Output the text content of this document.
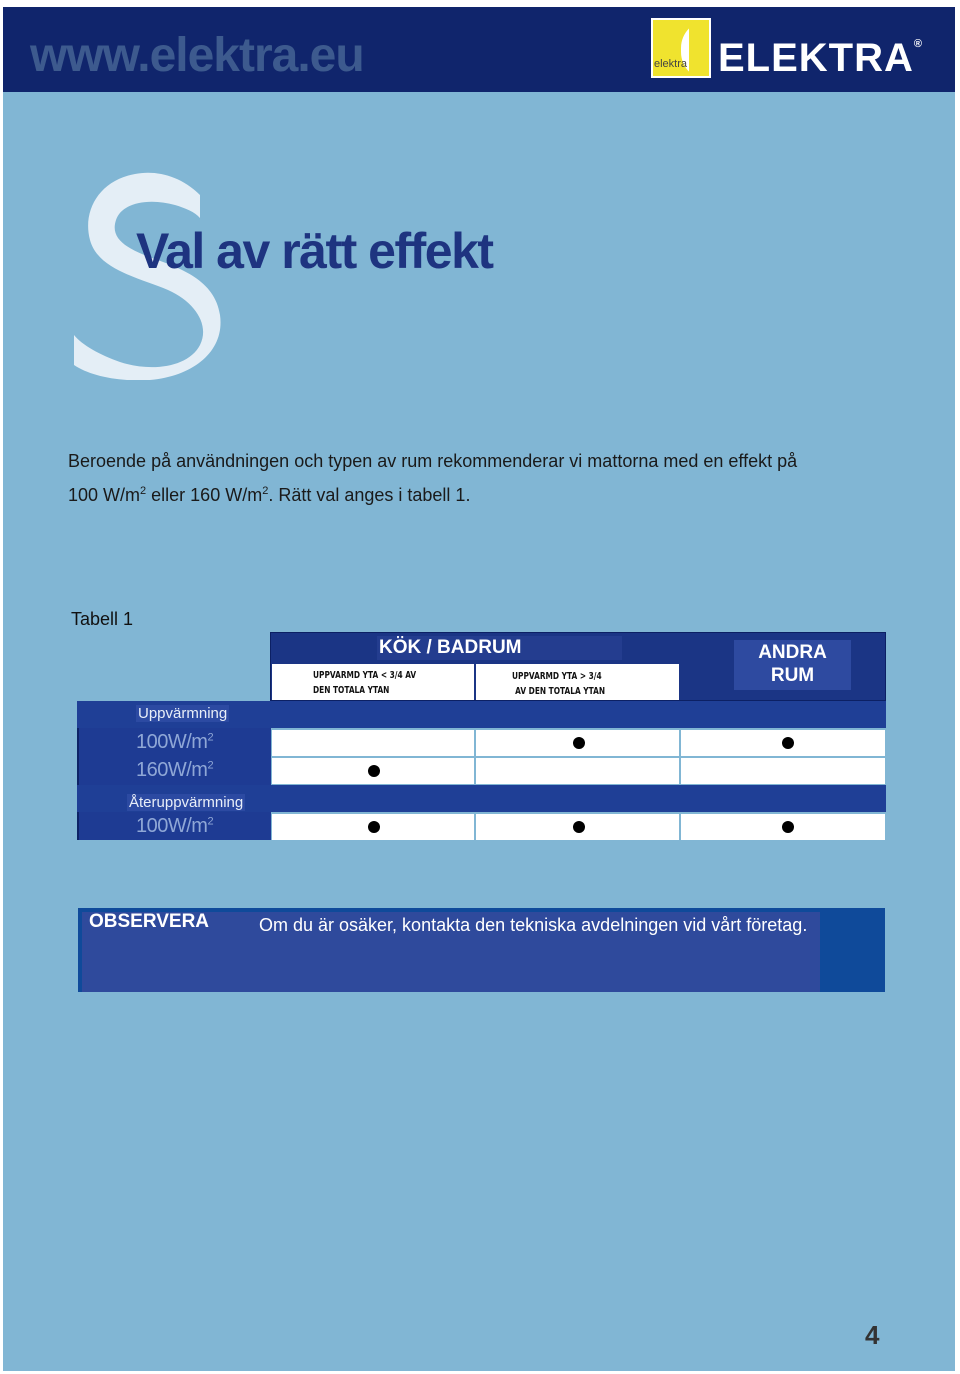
www.elektra.eu	elektra ELEKTRA®
Val av rätt effekt
Beroende på användningen och typen av rum rekommenderar vi mattorna med en effekt på
100 $W/m^2$ eller 160 $W/m^2$. Rätt val anges i tabell 1.
Tabell 1
KÖK / BADRUM
UPPVÄRMD YTA < 3/4 AV
DEN TOTALA YTAN
UPPVÄRMD YTA > 3/4
AV DEN TOTALA YTAN
ANDRA
RUM
Uppvärmning
Återuppvärmning
$100W/m^2$
$160W/m^2$
$100W/m^2$
OBSERVERA	Om du är osäker, kontakta den tekniska avdelningen vid vårt företag.
4
